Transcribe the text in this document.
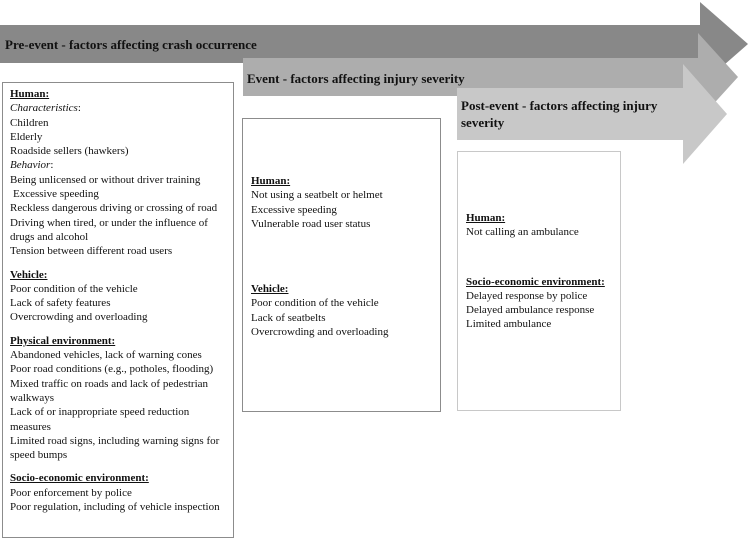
Pre-event - factors affecting crash occurrence
Event - factors affecting injury severity
Post-event - factors affecting injury severity
Human:
Characteristics:
Children
Elderly
Roadside sellers (hawkers)
Behavior:
Being unlicensed or without driver training
Excessive speeding
Reckless dangerous driving or crossing of road
Driving when tired, or under the influence of drugs and alcohol
Tension between different road users
Vehicle:
Poor condition of the vehicle
Lack of safety features
Overcrowding and overloading
Physical environment:
Abandoned vehicles, lack of warning cones
Poor road conditions (e.g., potholes, flooding)
Mixed traffic on roads and lack of pedestrian walkways
Lack of or inappropriate speed reduction measures
Limited road signs, including warning signs for speed bumps
Socio-economic environment:
Poor enforcement by police
Poor regulation, including of vehicle inspection
Human:
Not using a seatbelt or helmet
Excessive speeding
Vulnerable road user status
Vehicle:
Poor condition of the vehicle
Lack of seatbelts
Overcrowding and overloading
Human:
Not calling an ambulance
Socio-economic environment:
Delayed response by police
Delayed ambulance response
Limited ambulance
